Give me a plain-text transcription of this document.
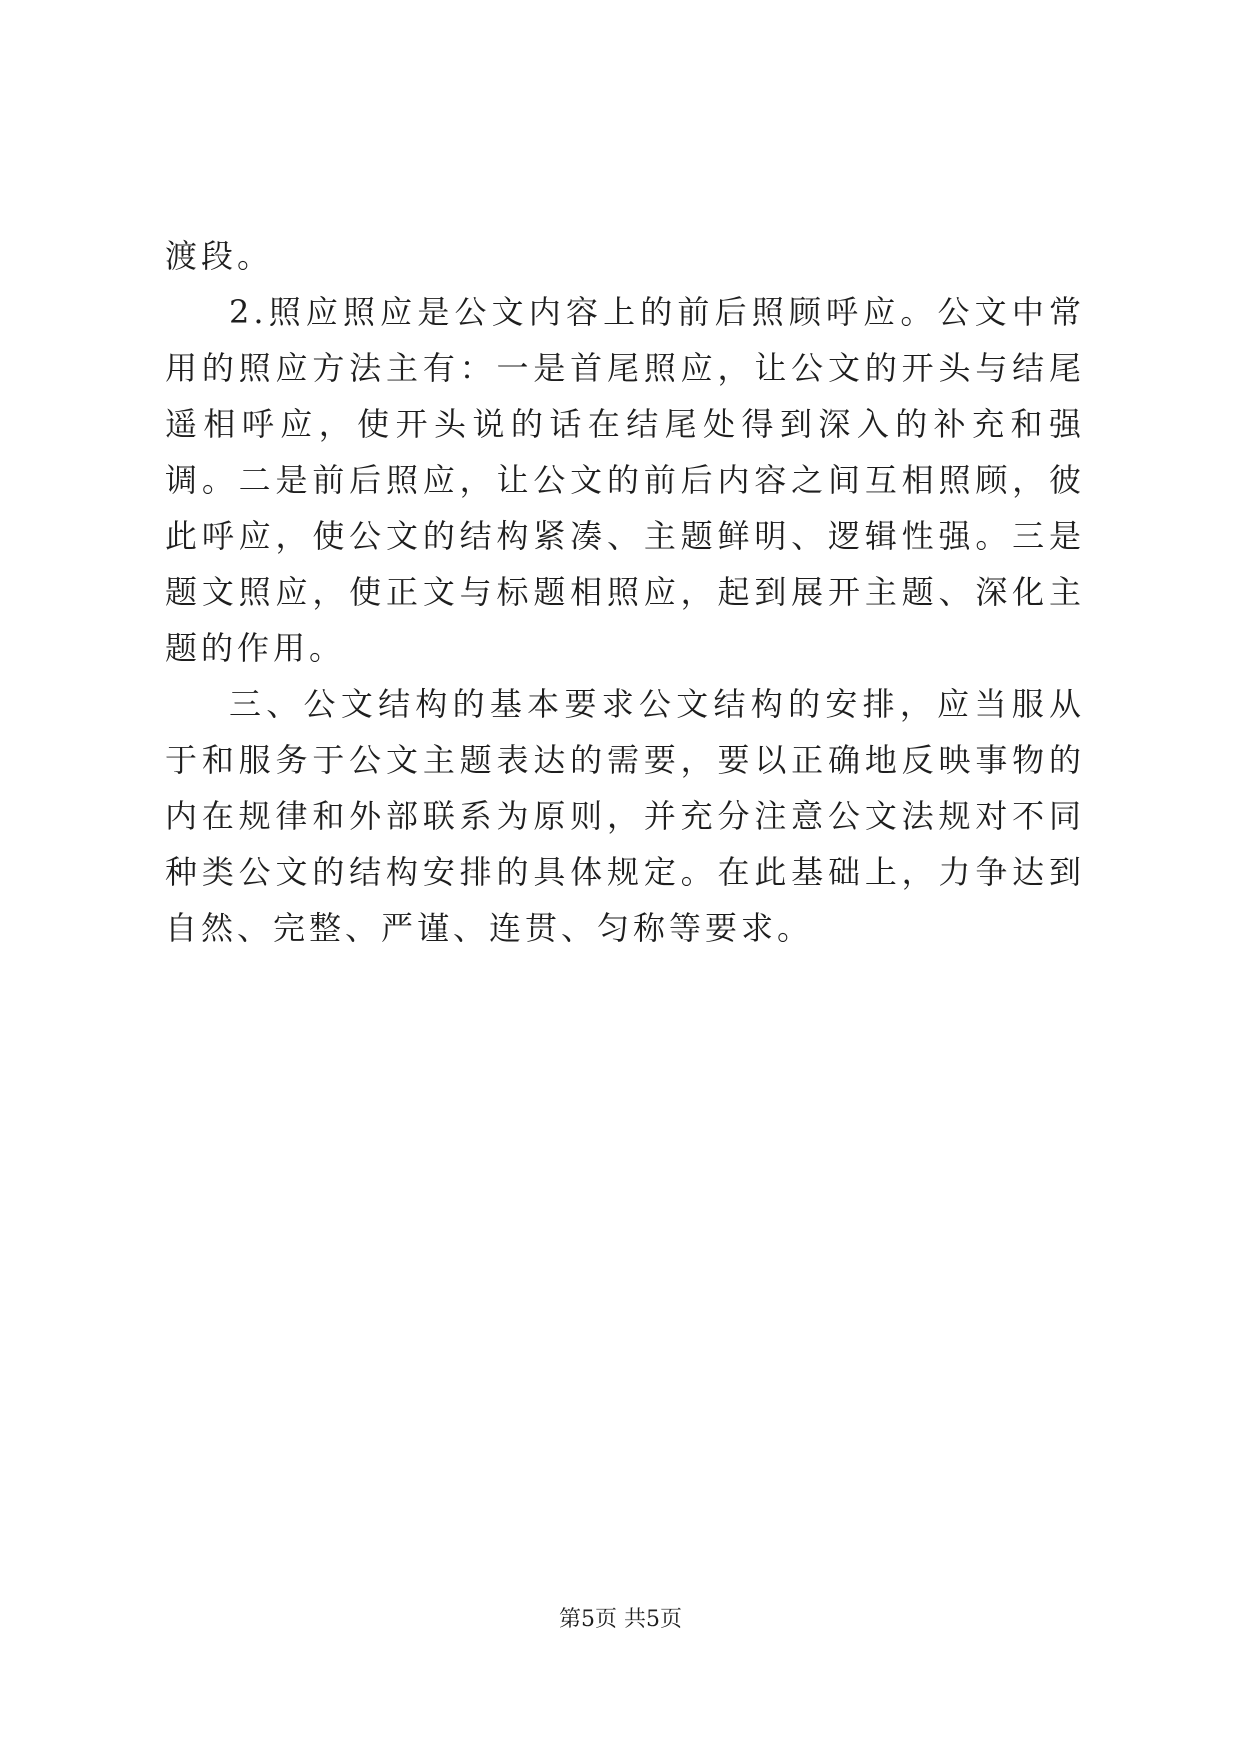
渡段。

2.照应照应是公文内容上的前后照顾呼应。公文中常用的照应方法主有：一是首尾照应，让公文的开头与结尾遥相呼应，使开头说的话在结尾处得到深入的补充和强调。二是前后照应，让公文的前后内容之间互相照顾，彼此呼应，使公文的结构紧凑、主题鲜明、逻辑性强。三是题文照应，使正文与标题相照应，起到展开主题、深化主题的作用。

三、公文结构的基本要求公文结构的安排，应当服从于和服务于公文主题表达的需要，要以正确地反映事物的内在规律和外部联系为原则，并充分注意公文法规对不同种类公文的结构安排的具体规定。在此基础上，力争达到自然、完整、严谨、连贯、匀称等要求。

第5页 共5页
